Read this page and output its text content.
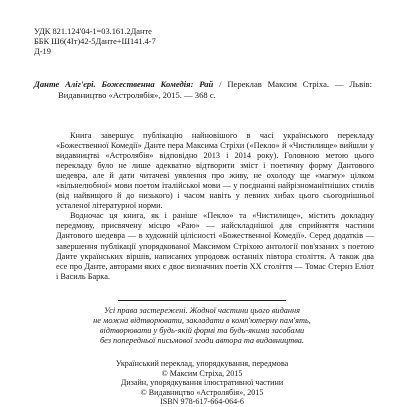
УДК 821.124'04-1=03.161.2Данте
ББК Ш6(4Іт)42-5Данте+Ш141.4-7
Д-19
Данте Аліг'єрі. Божественна Комедія: Рай / Переклав Максим Стріха. — Львів: Видавництво «Астролябія», 2015. — 368 с.

Книга завершує публікацію найновішого в часі українського перекладу «Божественної Комедії» Данте пера Максима Стріхи («Пекло» й «Чистилище» вийшли у видавництві «Астролябія» відповідно 2013 і 2014 року). Головною метою цього перекладу було не лише адекватно відтворити зміст і поетичну форму Дантового шедевра, але й дати читачеві уявлення про живу, не охолоду ще «магму» цілком «вільнелюбної» мови поетом італійської мови — у поєднанні найрізноманітніших стилів (від найвищого й до низького) і часом навіть у певних хибах цього сьогоднішньої усталеної літературної норми.

Водночас ця книга, як і раніше «Пекло» та «Чистилище», містить докладну передмову, присвячену місцю «Раю» — найскладнішої для сприйняття частини Дантового шедевра — в художній цілісності «Божественної Комедії». Серед додатків — завершення публікації упорядкованої Максимом Стріхою антології пов'язаних з поетою Данте українських віршів, написаних упродовж останніх півтора століття. А також два есе про Данте, авторами яких є двоє визначних поетів ХХ століття — Томас Стернз Еліот і Василь Барка.

Усі права застережені. Жодної частини цього видання
не можна відтворювати, закладати в комп'ютерну пам'ять,
відтворювати у будь-якій формі та будь-якими засобами
без попередньої письмової згоди автора та видавництва.
Український переклад, упорядкування, передмова
© Максим Стріха, 2015
Дизайн, упорядкування ілюстративної частини
© Видавництво «Астролябія», 2015
ISBN 978-617-664-064-6
